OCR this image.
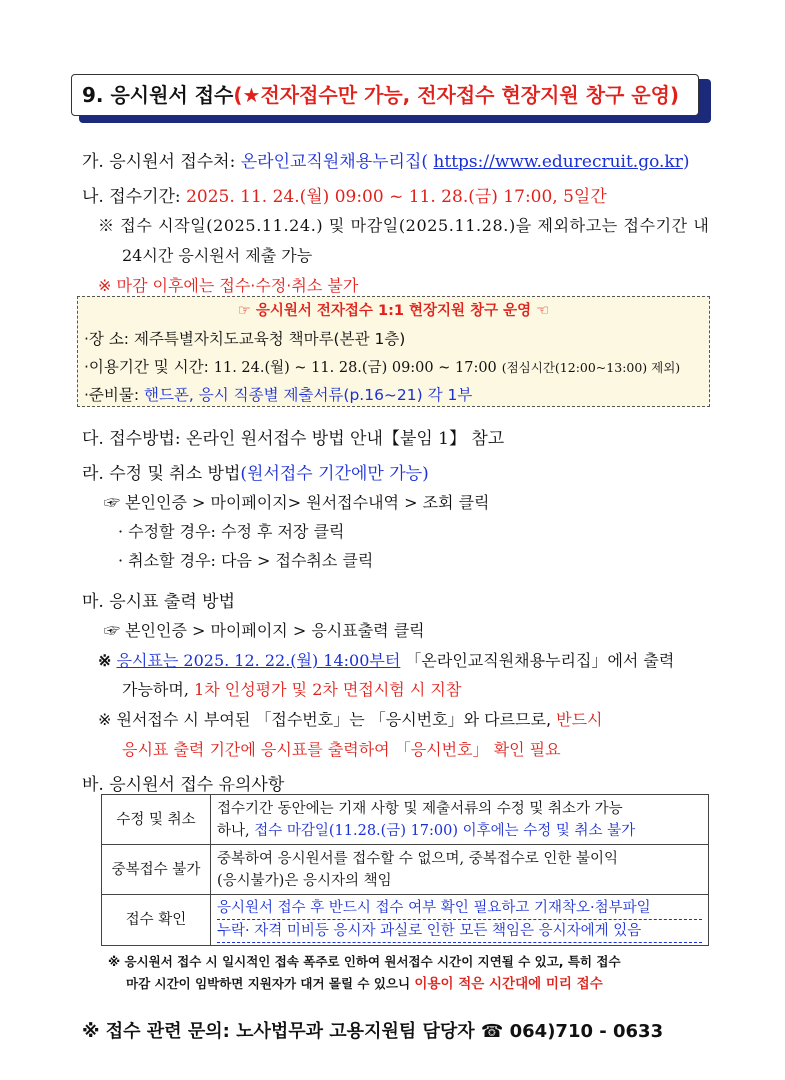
9. 응시원서 접수(★전자접수만 가능, 전자접수 현장지원 창구 운영)
가. 응시원서 접수처: 온라인교직원채용누리집( https://www.edurecruit.go.kr)
나. 접수기간: 2025. 11. 24.(월) 09:00 ~ 11. 28.(금) 17:00, 5일간
※ 접수 시작일(2025.11.24.) 및 마감일(2025.11.28.)을 제외하고는 접수기간 내
24시간 응시원서 제출 가능
※ 마감 이후에는 접수·수정·취소 불가
☞ 응시원서 전자접수 1:1 현장지원 창구 운영 ☜
·장 소: 제주특별자치도교육청 책마루(본관 1층)
·이용기간 및 시간: 11. 24.(월) ~ 11. 28.(금) 09:00 ~ 17:00 (점심시간(12:00~13:00) 제외)
·준비물: 핸드폰, 응시 직종별 제출서류(p.16~21) 각 1부
다. 접수방법: 온라인 원서접수 방법 안내【붙임 1】 참고
라. 수정 및 취소 방법(원서접수 기간에만 가능)
☞ 본인인증 > 마이페이지> 원서접수내역 > 조회 클릭
· 수정할 경우: 수정 후 저장 클릭
· 취소할 경우: 다음 > 접수취소 클릭
마. 응시표 출력 방법
☞ 본인인증 > 마이페이지 > 응시표출력 클릭
※ 응시표는 2025. 12. 22.(월) 14:00부터 「온라인교직원채용누리집」에서 출력
가능하며, 1차 인성평가 및 2차 면접시험 시 지참
※ 원서접수 시 부여된 「접수번호」는 「응시번호」와 다르므로, 반드시
응시표 출력 기간에 응시표를 출력하여 「응시번호」 확인 필요
바. 응시원서 접수 유의사항
수정 및 취소	접수기간 동안에는 기재 사항 및 제출서류의 수정 및 취소가 가능
하나, 접수 마감일(11.28.(금) 17:00) 이후에는 수정 및 취소 불가

중복접수 불가	중복하여 응시원서를 접수할 수 없으며, 중복접수로 인한 불이익
(응시불가)은 응시자의 책임

접수 확인	응시원서 접수 후 반드시 접수 여부 확인 필요하고 기재착오·첨부파일
누락· 자격 미비등 응시자 과실로 인한 모든 책임은 응시자에게 있음
※ 응시원서 접수 시 일시적인 접속 폭주로 인하여 원서접수 시간이 지연될 수 있고, 특히 접수
마감 시간이 임박하면 지원자가 대거 몰릴 수 있으니 이용이 적은 시간대에 미리 접수
※ 접수 관련 문의: 노사법무과 고용지원팀 담당자 ☎ 064)710 - 0633
